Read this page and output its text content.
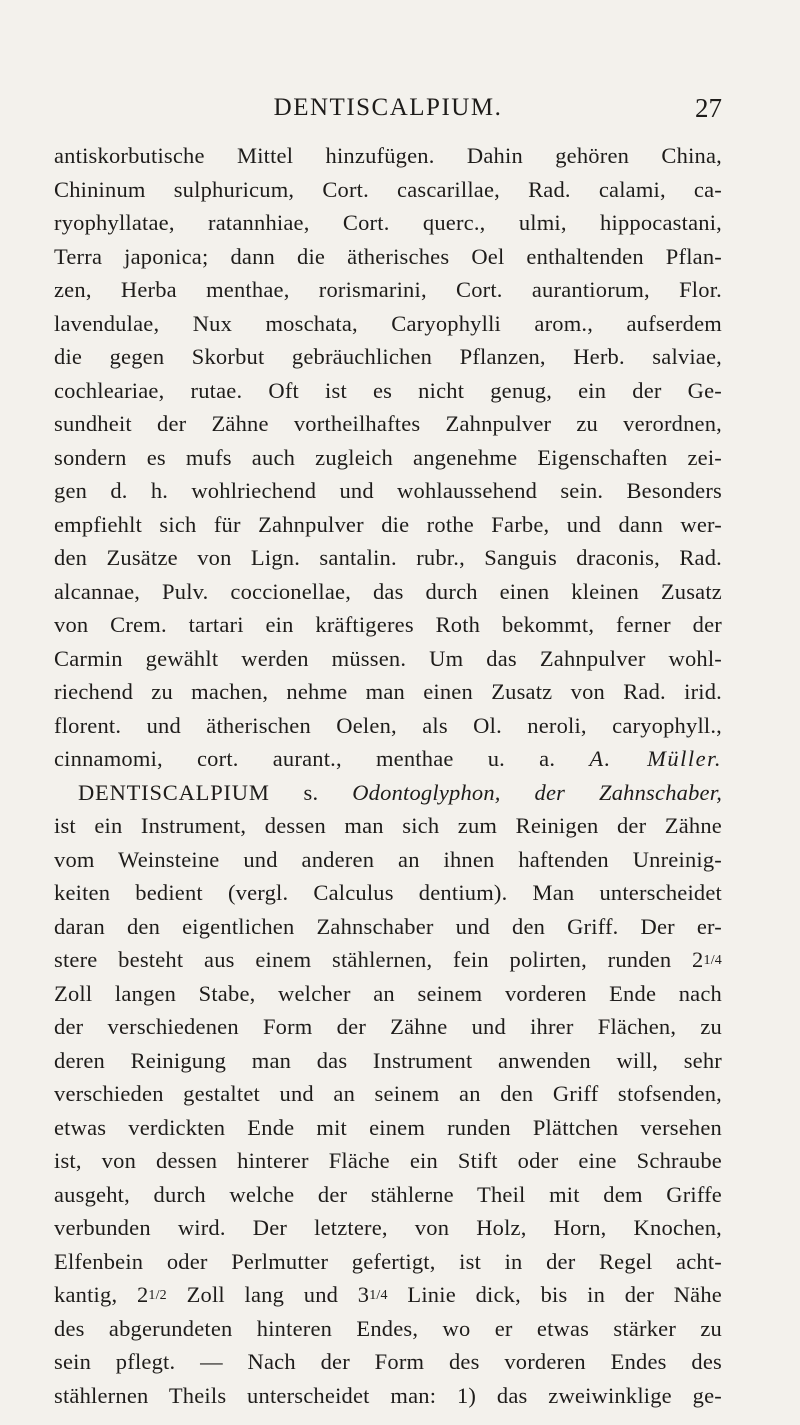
DENTISCALPIUM.	27
antiskorbutische Mittel hinzufügen. Dahin gehören China,
Chininum sulphuricum, Cort. cascarillae, Rad. calami, ca-
ryophyllatae, ratannhiae, Cort. querc., ulmi, hippocastani,
Terra japonica; dann die ätherisches Oel enthaltenden Pflan-
zen, Herba menthae, rorismarini, Cort. aurantiorum, Flor.
lavendulae, Nux moschata, Caryophylli arom., aufserdem
die gegen Skorbut gebräuchlichen Pflanzen, Herb. salviae,
cochleariae, rutae. Oft ist es nicht genug, ein der Ge-
sundheit der Zähne vortheilhaftes Zahnpulver zu verordnen,
sondern es mufs auch zugleich angenehme Eigenschaften zei-
gen d. h. wohlriechend und wohlaussehend sein. Besonders
empfiehlt sich für Zahnpulver die rothe Farbe, und dann wer-
den Zusätze von Lign. santalin. rubr., Sanguis draconis, Rad.
alcannae, Pulv. coccionellae, das durch einen kleinen Zusatz
von Crem. tartari ein kräftigeres Roth bekommt, ferner der
Carmin gewählt werden müssen. Um das Zahnpulver wohl-
riechend zu machen, nehme man einen Zusatz von Rad. irid.
florent. und ätherischen Oelen, als Ol. neroli, caryophyll.,
cinnamomi, cort. aurant., menthae u. a. A. Müller.
DENTISCALPIUM s. Odontoglyphon, der Zahnschaber,
ist ein Instrument, dessen man sich zum Reinigen der Zähne
vom Weinsteine und anderen an ihnen haftenden Unreinig-
keiten bedient (vergl. Calculus dentium). Man unterscheidet
daran den eigentlichen Zahnschaber und den Griff. Der er-
stere besteht aus einem stählernen, fein polirten, runden 21/4
Zoll langen Stabe, welcher an seinem vorderen Ende nach
der verschiedenen Form der Zähne und ihrer Flächen, zu
deren Reinigung man das Instrument anwenden will, sehr
verschieden gestaltet und an seinem an den Griff stofsenden,
etwas verdickten Ende mit einem runden Plättchen versehen
ist, von dessen hinterer Fläche ein Stift oder eine Schraube
ausgeht, durch welche der stählerne Theil mit dem Griffe
verbunden wird. Der letztere, von Holz, Horn, Knochen,
Elfenbein oder Perlmutter gefertigt, ist in der Regel acht-
kantig, 21/2 Zoll lang und 31/4 Linie dick, bis in der Nähe
des abgerundeten hinteren Endes, wo er etwas stärker zu
sein pflegt. — Nach der Form des vorderen Endes des
stählernen Theils unterscheidet man: 1) das zweiwinklige ge-
